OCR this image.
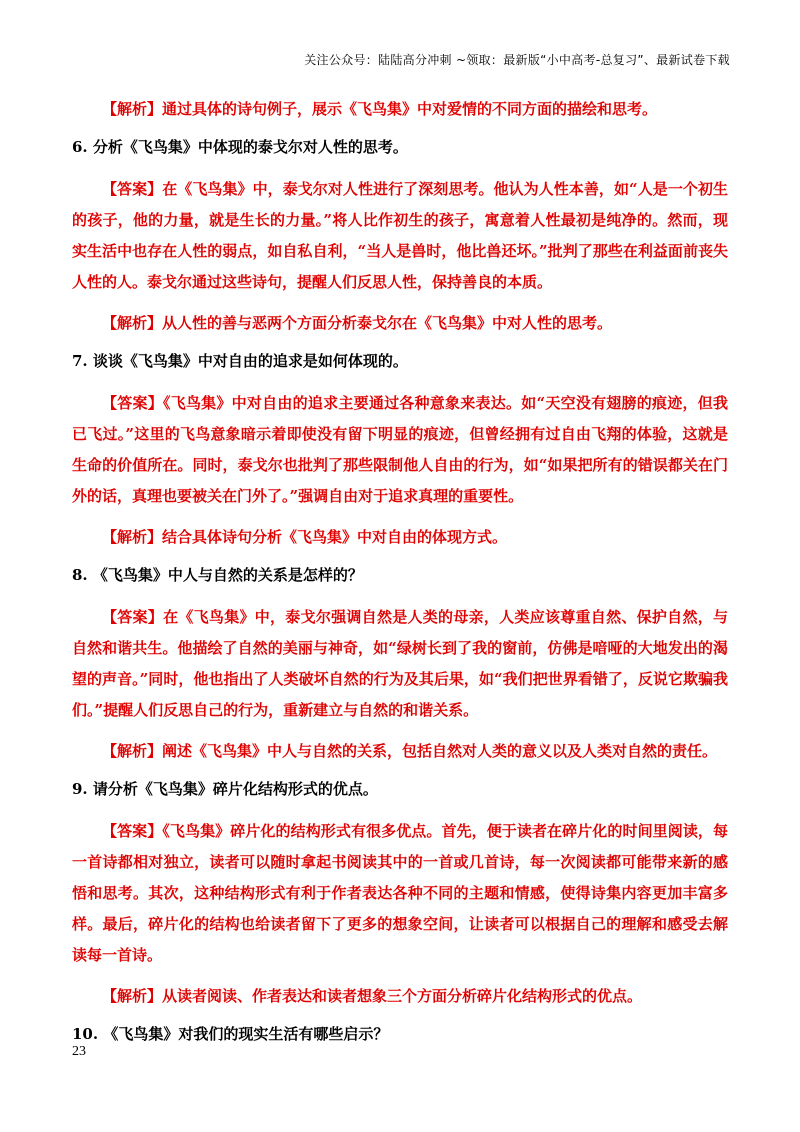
关注公众号：陆陆高分冲刺 ~领取：最新版“小中高考-总复习”、最新试卷下载

【解析】通过具体的诗句例子，展示《飞鸟集》中对爱情的不同方面的描绘和思考。

6. 分析《飞鸟集》中体现的泰戈尔对人性的思考。

【答案】在《飞鸟集》中，泰戈尔对人性进行了深刻思考。他认为人性本善，如“人是一个初生的孩子，他的力量，就是生长的力量。”将人比作初生的孩子，寓意着人性最初是纯净的。然而，现实生活中也存在人性的弱点，如自私自利，“当人是兽时，他比兽还坏。”批判了那些在利益面前丧失人性的人。泰戈尔通过这些诗句，提醒人们反思人性，保持善良的本质。

【解析】从人性的善与恶两个方面分析泰戈尔在《飞鸟集》中对人性的思考。

7. 谈谈《飞鸟集》中对自由的追求是如何体现的。

【答案】《飞鸟集》中对自由的追求主要通过各种意象来表达。如“天空没有翅膀的痕迹，但我已飞过。”这里的飞鸟意象暗示着即使没有留下明显的痕迹，但曾经拥有过自由飞翔的体验，这就是生命的价值所在。同时，泰戈尔也批判了那些限制他人自由的行为，如“如果把所有的错误都关在门外的话，真理也要被关在门外了。”强调自由对于追求真理的重要性。

【解析】结合具体诗句分析《飞鸟集》中对自由的体现方式。

8. 《飞鸟集》中人与自然的关系是怎样的？

【答案】在《飞鸟集》中，泰戈尔强调自然是人类的母亲，人类应该尊重自然、保护自然，与自然和谐共生。他描绘了自然的美丽与神奇，如“绿树长到了我的窗前，仿佛是喑哑的大地发出的渴望的声音。”同时，他也指出了人类破坏自然的行为及其后果，如“我们把世界看错了，反说它欺骗我们。”提醒人们反思自己的行为，重新建立与自然的和谐关系。

【解析】阐述《飞鸟集》中人与自然的关系，包括自然对人类的意义以及人类对自然的责任。

9. 请分析《飞鸟集》碎片化结构形式的优点。

【答案】《飞鸟集》碎片化的结构形式有很多优点。首先，便于读者在碎片化的时间里阅读，每一首诗都相对独立，读者可以随时拿起书阅读其中的一首或几首诗，每一次阅读都可能带来新的感悟和思考。其次，这种结构形式有利于作者表达各种不同的主题和情感，使得诗集内容更加丰富多样。最后，碎片化的结构也给读者留下了更多的想象空间，让读者可以根据自己的理解和感受去解读每一首诗。

【解析】从读者阅读、作者表达和读者想象三个方面分析碎片化结构形式的优点。

10. 《飞鸟集》对我们的现实生活有哪些启示？

23
